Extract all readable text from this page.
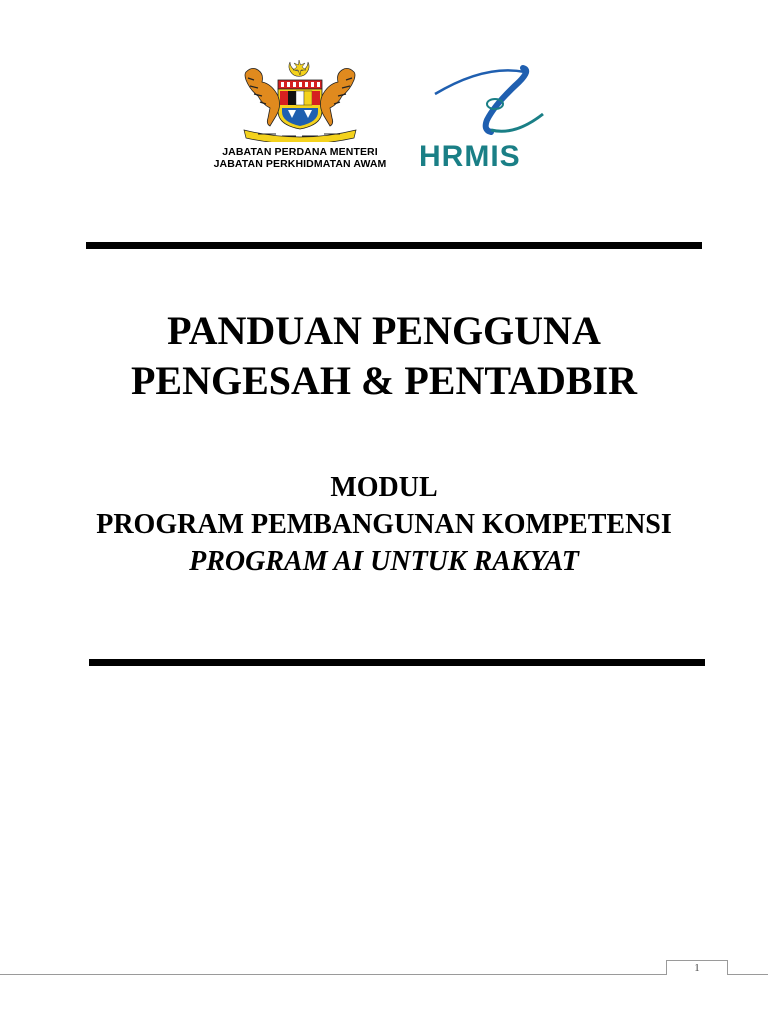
JABATAN PERDANA MENTERI
JABATAN PERKHIDMATAN AWAM	HRMIS
PANDUAN PENGGUNA
PENGESAH & PENTADBIR
MODUL
PROGRAM PEMBANGUNAN KOMPETENSI
PROGRAM AI UNTUK RAKYAT
1
